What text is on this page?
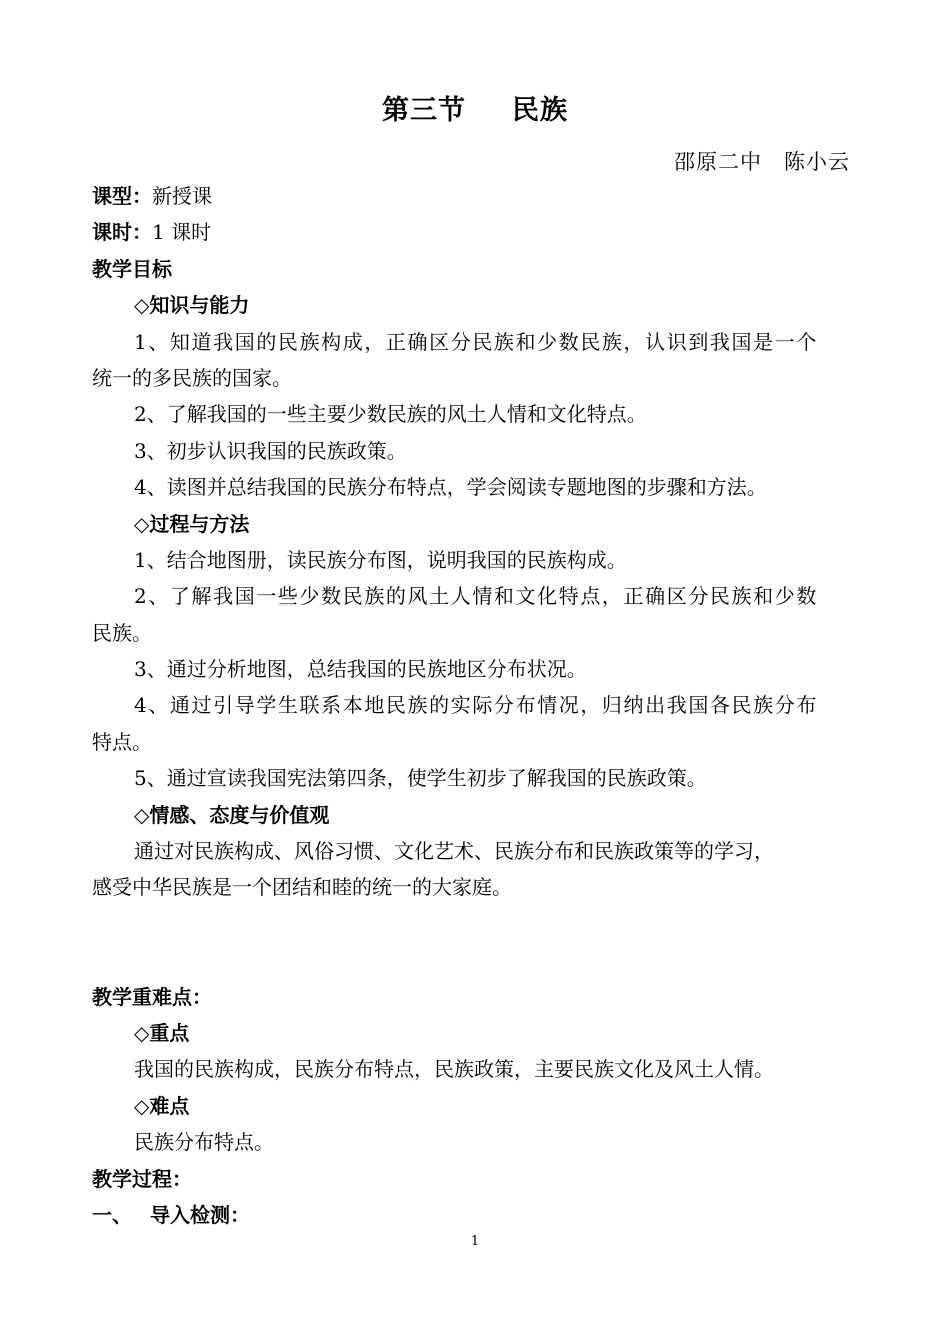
第三节 民族
邵原二中 陈小云
课型：新授课
课时：1 课时
教学目标
◇知识与能力
1、知道我国的民族构成，正确区分民族和少数民族，认识到我国是一个
统一的多民族的国家。
2、了解我国的一些主要少数民族的风土人情和文化特点。
3、初步认识我国的民族政策。
4、读图并总结我国的民族分布特点，学会阅读专题地图的步骤和方法。
◇过程与方法
1、结合地图册，读民族分布图，说明我国的民族构成。
2、了解我国一些少数民族的风土人情和文化特点，正确区分民族和少数
民族。
3、通过分析地图，总结我国的民族地区分布状况。
4、通过引导学生联系本地民族的实际分布情况，归纳出我国各民族分布
特点。
5、通过宣读我国宪法第四条，使学生初步了解我国的民族政策。
◇情感、态度与价值观
通过对民族构成、风俗习惯、文化艺术、民族分布和民族政策等的学习，
感受中华民族是一个团结和睦的统一的大家庭。
教学重难点：
◇重点
我国的民族构成，民族分布特点，民族政策，主要民族文化及风土人情。
◇难点
民族分布特点。
教学过程：
一、 导入检测：
1
